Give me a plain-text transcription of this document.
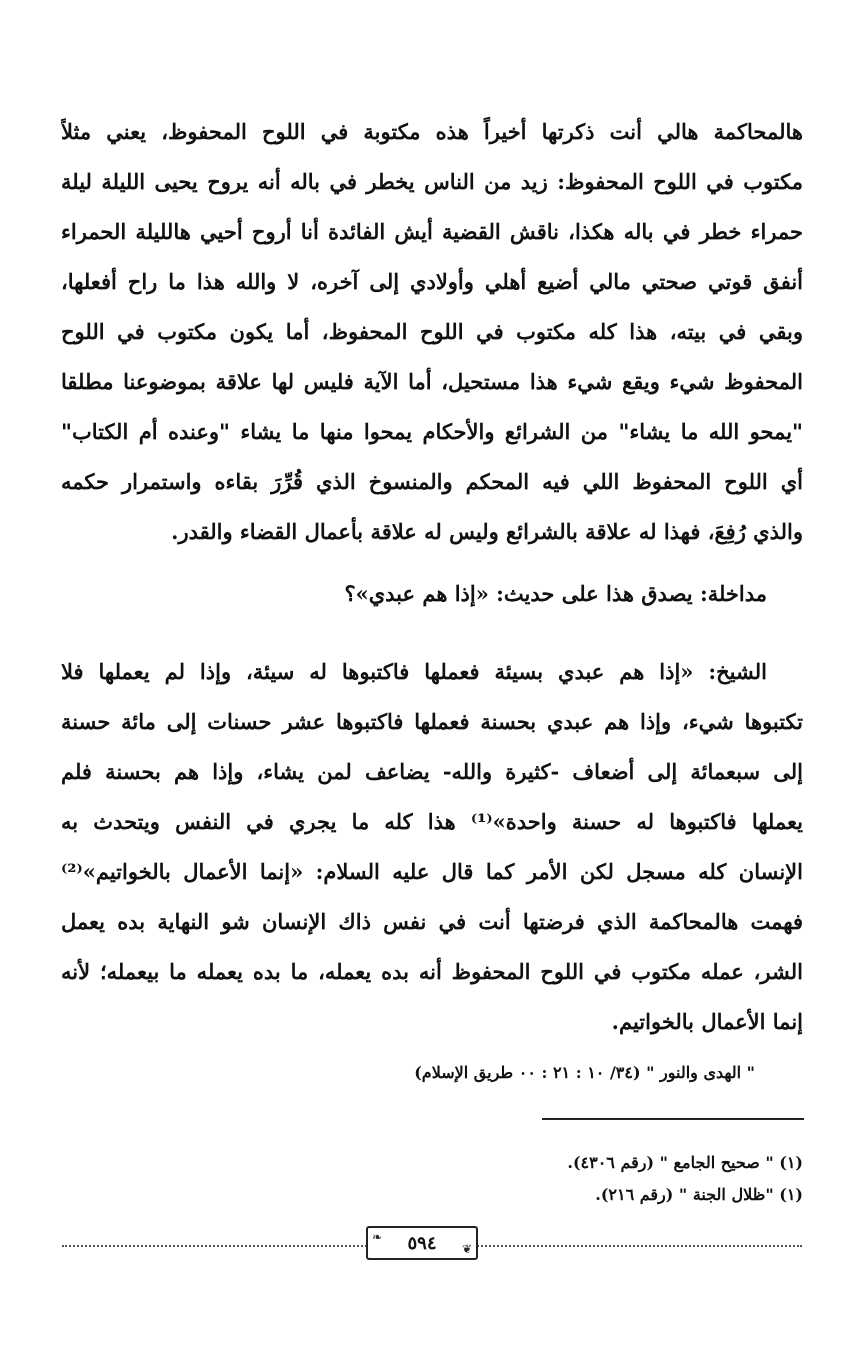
هالمحاكمة هالي أنت ذكرتها أخيراً هذه مكتوبة في اللوح المحفوظ، يعني مثلاً
مكتوب في اللوح المحفوظ: زيد من الناس يخطر في باله أنه يروح يحيى الليلة ليلة
حمراء خطر في باله هكذا، ناقش القضية أيش الفائدة أنا أروح أحيي هالليلة الحمراء
أنفق قوتي صحتي مالي أضيع أهلي وأولادي إلى آخره، لا والله هذا ما راح أفعلها،
وبقي في بيته، هذا كله مكتوب في اللوح المحفوظ، أما يكون مكتوب في اللوح
المحفوظ شيء ويقع شيء هذا مستحيل، أما الآية فليس لها علاقة بموضوعنا مطلقا
"يمحو الله ما يشاء" من الشرائع والأحكام يمحوا منها ما يشاء "وعنده أم الكتاب"
أي اللوح المحفوظ اللي فيه المحكم والمنسوخ الذي قُرِّرَ بقاءه واستمرار حكمه
والذي رُفِعَ، فهذا له علاقة بالشرائع وليس له علاقة بأعمال القضاء والقدر.
مداخلة: يصدق هذا على حديث: «إذا هم عبدي»؟
الشيخ: «إذا هم عبدي بسيئة فعملها فاكتبوها له سيئة، وإذا لم يعملها فلا
تكتبوها شيء، وإذا هم عبدي بحسنة فعملها فاكتبوها عشر حسنات إلى مائة حسنة
إلى سبعمائة إلى أضعاف -كثيرة والله- يضاعف لمن يشاء، وإذا هم بحسنة فلم
يعملها فاكتبوها له حسنة واحدة»⁽¹⁾ هذا كله ما يجري في النفس ويتحدث به
الإنسان كله مسجل لكن الأمر كما قال عليه السلام: «إنما الأعمال بالخواتيم»⁽²⁾
فهمت هالمحاكمة الذي فرضتها أنت في نفس ذاك الإنسان شو النهاية بده يعمل
الشر، عمله مكتوب في اللوح المحفوظ أنه بده يعمله، ما بده يعمله ما بيعمله؛ لأنه
إنما الأعمال بالخواتيم.
" الهدى والنور " (٣٤/ ١٠ : ٢١ : ٠٠ طريق الإسلام)
(١) " صحيح الجامع " (رقم ٤٣٠٦).
(١) "ظلال الجنة " (رقم ٢١٦).
❧
❦
٥٩٤
